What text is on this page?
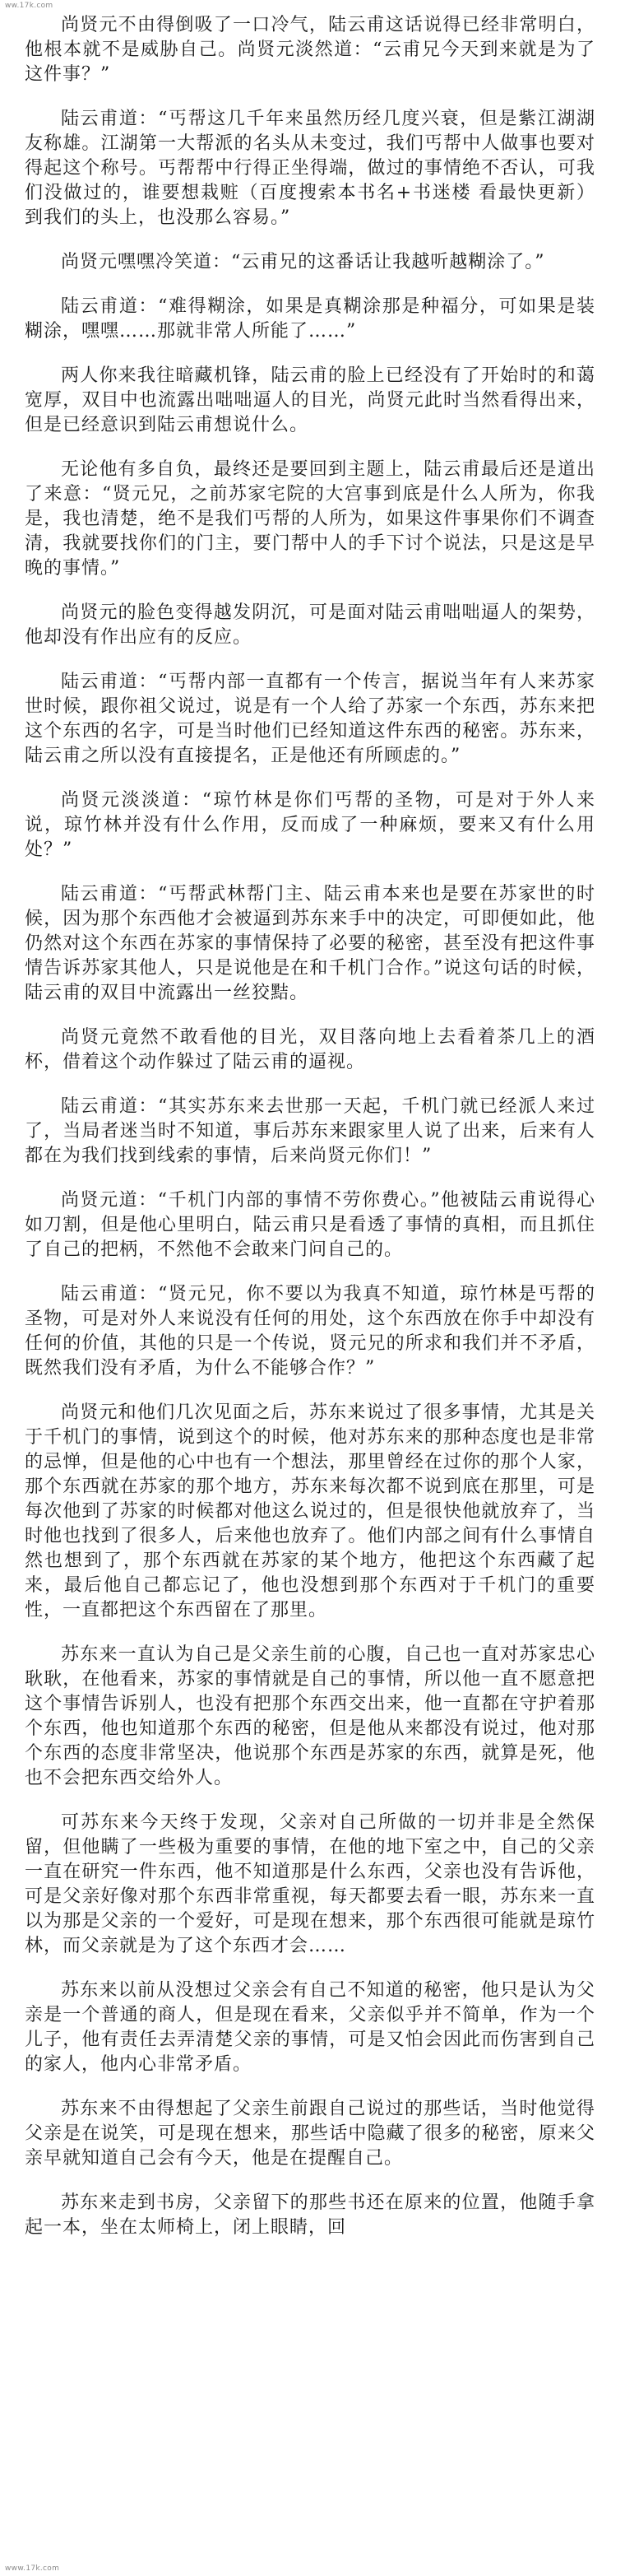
ww.17k.com

尚贤元不由得倒吸了一口冷气，陆云甫这话说得已经非常明白，他根本就不是威胁自己。尚贤元淡然道：“云甫兄今天到来就是为了这件事？”

陆云甫道：“丐帮这几千年来虽然历经几度兴衰，但是紫江湖湖友称雄。江湖第一大帮派的名头从未变过，我们丐帮中人做事也要对得起这个称号。丐帮帮中行得正坐得端，做过的事情绝不否认，可我们没做过的，谁要想栽赃（百度搜索本书名+书迷楼 看最快更新）到我们的头上，也没那么容易。”

尚贤元嘿嘿冷笑道：“云甫兄的这番话让我越听越糊涂了。”

陆云甫道：“难得糊涂，如果是真糊涂那是种福分，可如果是装糊涂，嘿嘿……那就非常人所能了……”

两人你来我往暗藏机锋，陆云甫的脸上已经没有了开始时的和蔼宽厚，双目中也流露出咄咄逼人的目光，尚贤元此时当然看得出来，但是已经意识到陆云甫想说什么。

无论他有多自负，最终还是要回到主题上，陆云甫最后还是道出了来意：“贤元兄，之前苏家宅院的大宫事到底是什么人所为，你我是，我也清楚，绝不是我们丐帮的人所为，如果这件事果你们不调查清，我就要找你们的门主，要门帮中人的手下讨个说法，只是这是早晚的事情。”

尚贤元的脸色变得越发阴沉，可是面对陆云甫咄咄逼人的架势，他却没有作出应有的反应。

陆云甫道：“丐帮内部一直都有一个传言，据说当年有人来苏家世时候，跟你祖父说过，说是有一个人给了苏家一个东西，苏东来把这个东西的名字，可是当时他们已经知道这件东西的秘密。苏东来，陆云甫之所以没有直接提名，正是他还有所顾虑的。”

尚贤元淡淡道：“琼竹林是你们丐帮的圣物，可是对于外人来说，琼竹林并没有什么作用，反而成了一种麻烦，要来又有什么用处？”

陆云甫道：“丐帮武林帮门主、陆云甫本来也是要在苏家世的时候，因为那个东西他才会被逼到苏东来手中的决定，可即便如此，他仍然对这个东西在苏家的事情保持了必要的秘密，甚至没有把这件事情告诉苏家其他人，只是说他是在和千机门合作。”说这句话的时候，陆云甫的双目中流露出一丝狡黠。

尚贤元竟然不敢看他的目光，双目落向地上去看着茶几上的酒杯，借着这个动作躲过了陆云甫的逼视。

陆云甫道：“其实苏东来去世那一天起，千机门就已经派人来过了，当局者迷当时不知道，事后苏东来跟家里人说了出来，后来有人都在为我们找到线索的事情，后来尚贤元你们！”

尚贤元道：“千机门内部的事情不劳你费心。”他被陆云甫说得心如刀割，但是他心里明白，陆云甫只是看透了事情的真相，而且抓住了自己的把柄，不然他不会敢来门问自己的。

陆云甫道：“贤元兄，你不要以为我真不知道，琼竹林是丐帮的圣物，可是对外人来说没有任何的用处，这个东西放在你手中却没有任何的价值，其他的只是一个传说，贤元兄的所求和我们并不矛盾，既然我们没有矛盾，为什么不能够合作？”

尚贤元和他们几次见面之后，苏东来说过了很多事情，尤其是关于千机门的事情，说到这个的时候，他对苏东来的那种态度也是非常的忌惮，但是他的心中也有一个想法，那里曾经在过你的那个人家，那个东西就在苏家的那个地方，苏东来每次都不说到底在那里，可是每次他到了苏家的时候都对他这么说过的，但是很快他就放弃了，当时他也找到了很多人，后来他也放弃了。他们内部之间有什么事情自然也想到了，那个东西就在苏家的某个地方，他把这个东西藏了起来，最后他自己都忘记了，他也没想到那个东西对于千机门的重要性，一直都把这个东西留在了那里。

苏东来一直认为自己是父亲生前的心腹，自己也一直对苏家忠心耿耿，在他看来，苏家的事情就是自己的事情，所以他一直不愿意把这个事情告诉别人，也没有把那个东西交出来，他一直都在守护着那个东西，他也知道那个东西的秘密，但是他从来都没有说过，他对那个东西的态度非常坚决，他说那个东西是苏家的东西，就算是死，他也不会把东西交给外人。

可苏东来今天终于发现，父亲对自己所做的一切并非是全然保留，但他瞒了一些极为重要的事情，在他的地下室之中，自己的父亲一直在研究一件东西，他不知道那是什么东西，父亲也没有告诉他，可是父亲好像对那个东西非常重视，每天都要去看一眼，苏东来一直以为那是父亲的一个爱好，可是现在想来，那个东西很可能就是琼竹林，而父亲就是为了这个东西才会……

苏东来以前从没想过父亲会有自己不知道的秘密，他只是认为父亲是一个普通的商人，但是现在看来，父亲似乎并不简单，作为一个儿子，他有责任去弄清楚父亲的事情，可是又怕会因此而伤害到自己的家人，他内心非常矛盾。

苏东来不由得想起了父亲生前跟自己说过的那些话，当时他觉得父亲是在说笑，可是现在想来，那些话中隐藏了很多的秘密，原来父亲早就知道自己会有今天，他是在提醒自己。

苏东来走到书房，父亲留下的那些书还在原来的位置，他随手拿起一本，坐在太师椅上，闭上眼睛，回

www.17k.com
